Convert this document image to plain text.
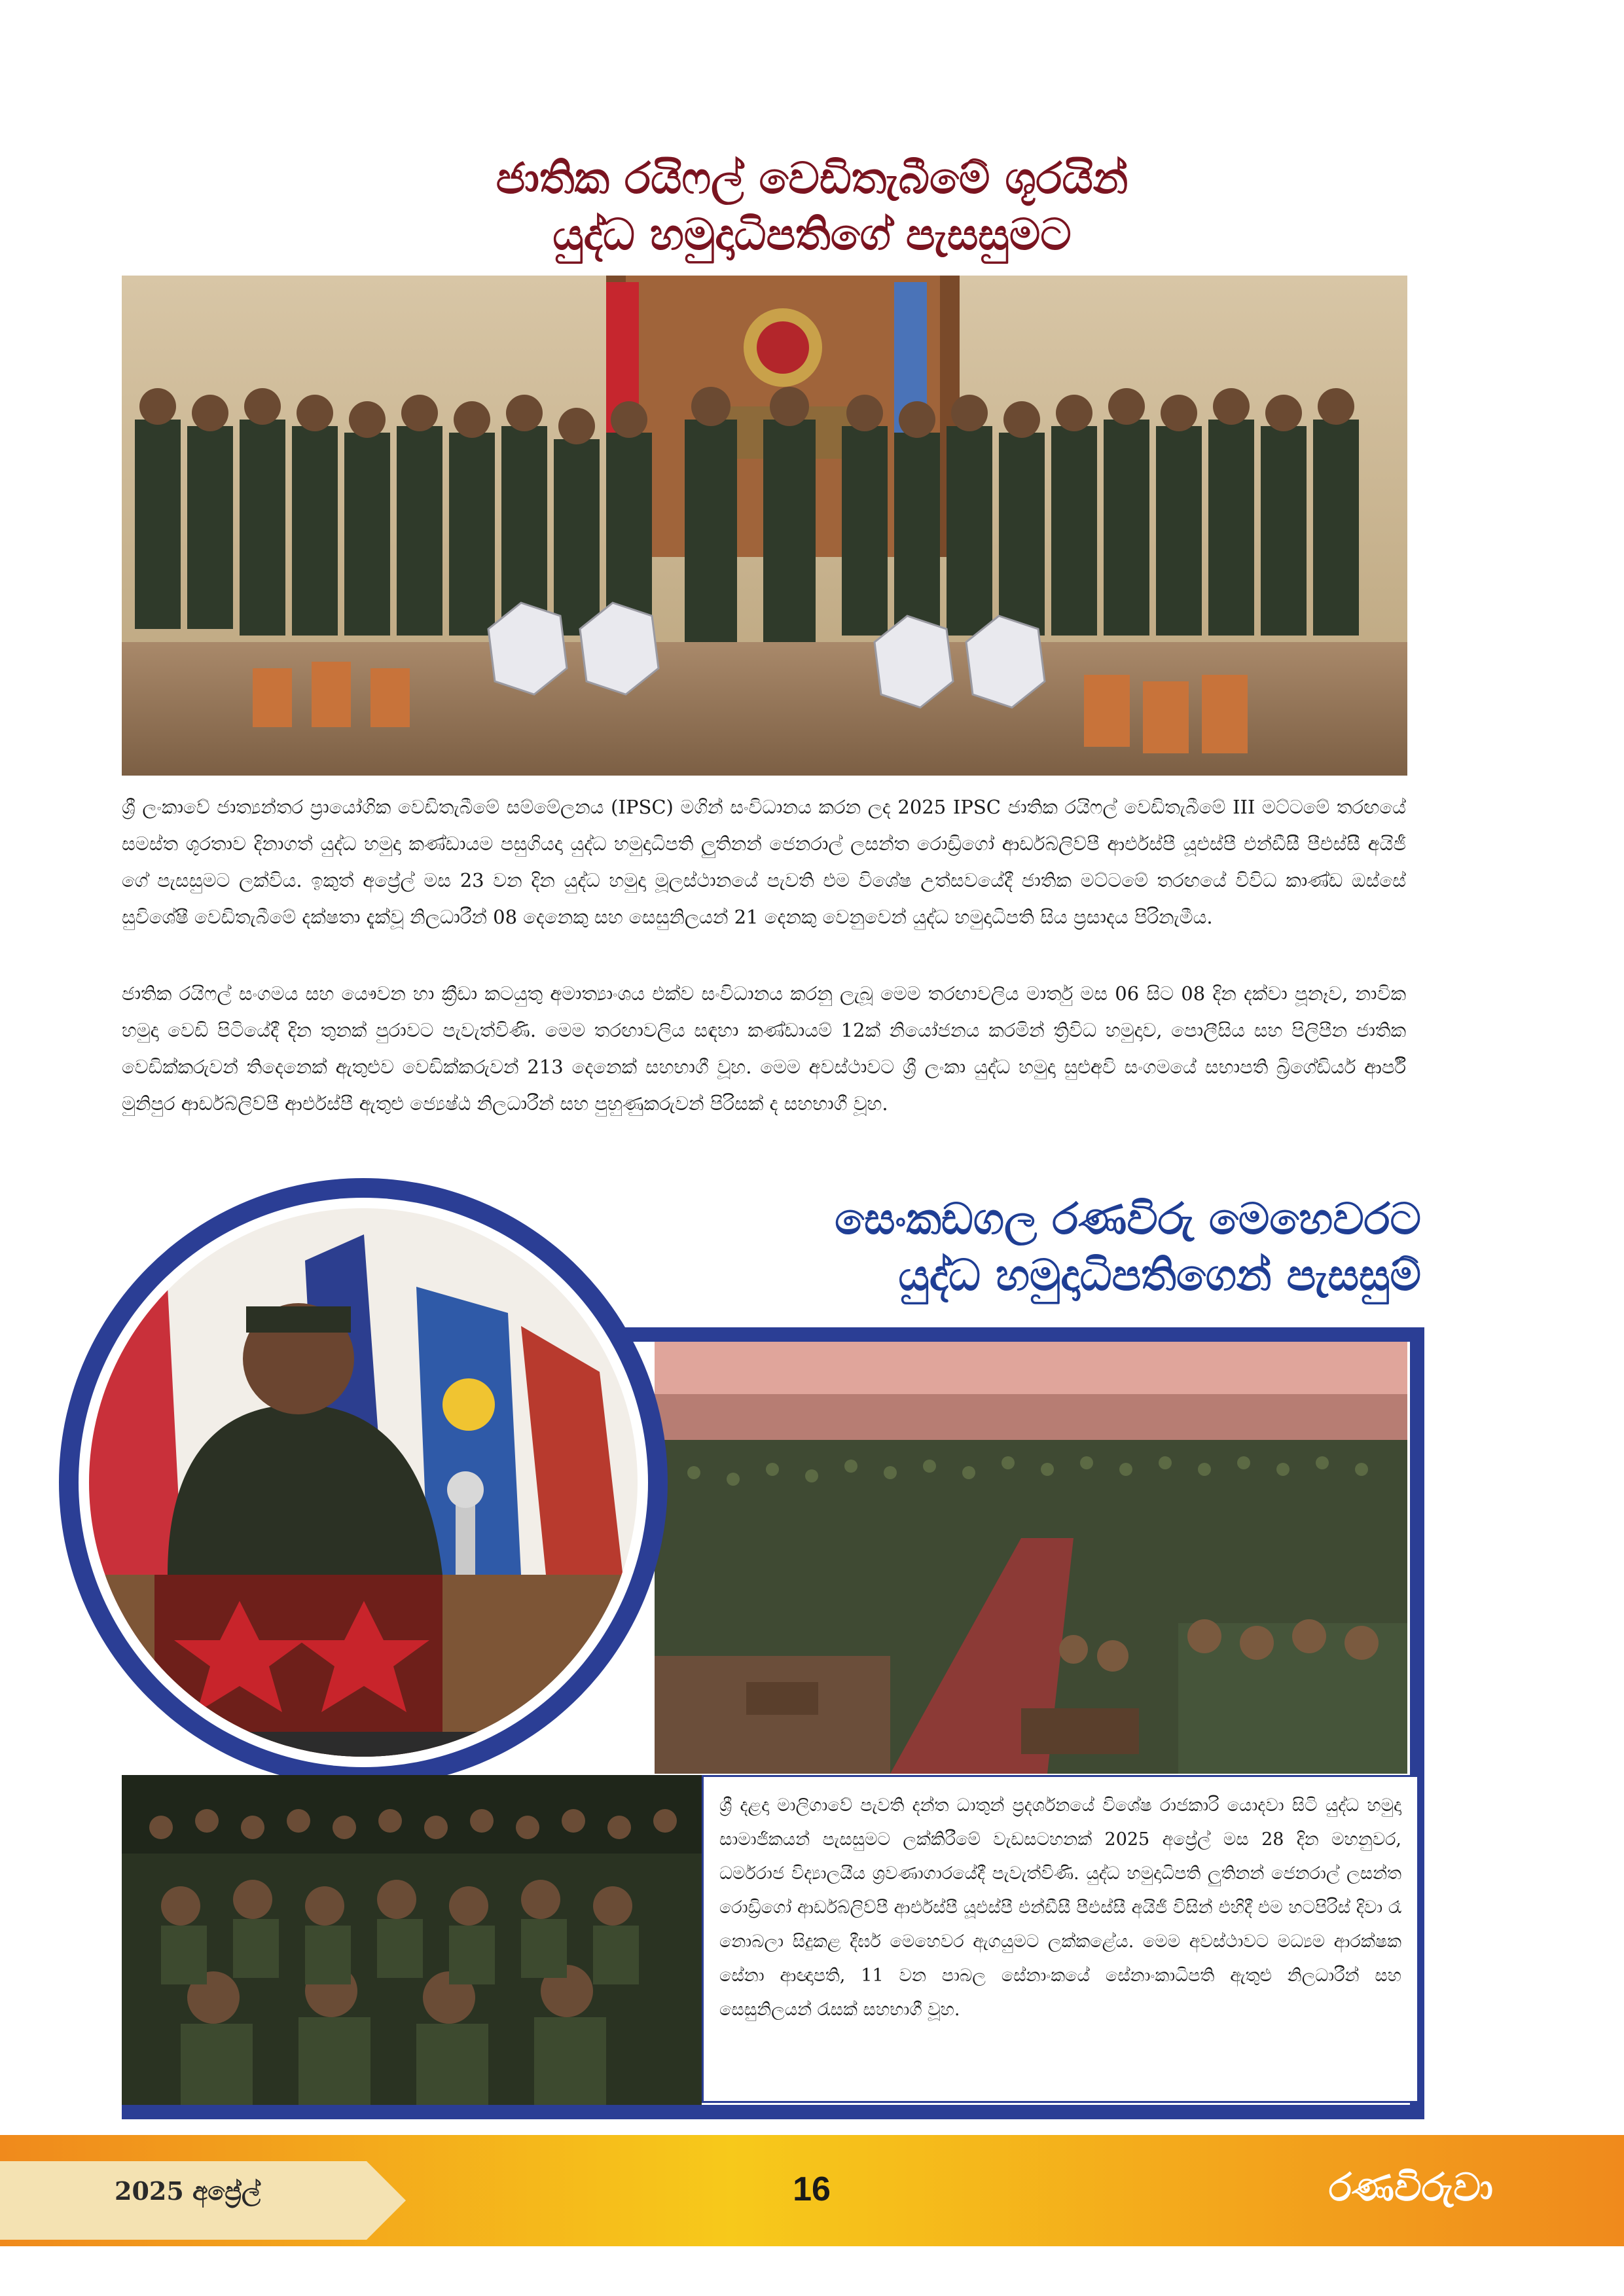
ජාතික රයිෆල් වෙඩිතැබීමේ ශූරයින්
යුද්ධ හමුදාධිපතිගේ පැසසුමට
ශ්‍රී ලංකාවේ ජාත්‍යන්තර ප්‍රායෝගික වෙඩිතැබීමේ සම්මේලනය (IPSC) මගින් සංවිධානය කරන ලද 2025 IPSC ජාතික රයිෆල් වෙඩිතැබීමේ III මට්ටමේ තරඟයේ සමස්ත ශූරතාව දිනාගත් යුද්ධ හමුදා කණ්ඩායම පසුගියදා යුද්ධ හමුදාධිපති ලුතිනන් ජෙනරාල් ලසන්ත රොඩ්‍රිගෝ ආර්ඩබ්ලිව්පී ආර්එස්පී යූඑස්පී එන්ඩීසී පීඑස්සී අයිජී ගේ පැසසුමට ලක්විය. ඉකුත් අප්‍රේල් මස 23 වන දින යුද්ධ හමුදා මූලස්ථානයේ පැවති එම විශේෂ උත්සවයේදී ජාතික මට්ටමේ තරඟයේ විවිධ කාණ්ඩ ඔස්සේ සුවිශේෂී වෙඩිතැබීමේ දක්ෂතා දැක්වූ නිලධාරීන් 08 දෙනෙකු සහ සෙසුනිලයන් 21 දෙනකු වෙනුවෙන් යුද්ධ හමුදාධිපති සිය ප්‍රසාදය පිරිනැමීය.
ජාතික රයිෆල් සංගමය සහ යෞවන හා ක්‍රීඩා කටයුතු අමාත්‍යාංශය එක්ව සංවිධානය කරනු ලැබූ මෙම තරඟාවලිය මාර්තු මස 06 සිට 08 දින දක්වා පූනෑව, නාවික හමුදා වෙඩි පිටියේදී දින තුනක් පුරාවට පැවැත්විණි. මෙම තරඟාවලිය සඳහා කණ්ඩායම් 12ක් නියෝජනය කරමින් ත්‍රිවිධ හමුදාව, පොලීසිය සහ පිලිපීන ජාතික වෙඩික්කරුවන් තිදෙනෙක් ඇතුළුව වෙඩික්කරුවන් 213 දෙනෙක් සහභාගී වූහ. මෙම අවස්ථාවට ශ්‍රී ලංකා යුද්ධ හමුදා සුළුඅවි සංගමයේ සභාපති බ්‍රිගේඩියර් ආර්පී මුනිපුර ආර්ඩබ්ලිව්පී ආර්එස්පී ඇතුළු ජ්‍යෙෂ්ඨ නිලධාරීන් සහ පුහුණුකරුවන් පිරිසක් ද සහභාගී වූහ.
සෙංකඩගල රණවිරු මෙහෙවරට
යුද්ධ හමුදාධිපතිගෙන් පැසසුම්

ශ්‍රී දළදා මාලිගාවේ පැවති දන්ත ධාතුන් ප්‍රදර්ශනයේ විශේෂ රාජකාරි යොදවා සිටි යුද්ධ හමුදා සාමාජිකයන් පැසසුමට ලක්කිරීමේ වැඩසටහනක් 2025 අප්‍රේල් මස 28 දින මහනුවර, ධර්මරාජ විද්‍යාලයීය ශ්‍රවණාගාරයේදී පැවැත්විණි. යුද්ධ හමුදාධිපති ලුතිනන් ජෙනරාල් ලසන්ත රොඩ්‍රිගෝ ආර්ඩබ්ලිව්පී ආර්එස්පී යූඑස්පී එන්ඩීසී පීඑස්සී අයිජී විසින් එහිදී එම හටපිරිස් දිවා රෑ නොබලා සිදුකළ දීර්ඝ මෙහෙවර ඇගයුමට ලක්කළේය. මෙම අවස්ථාවට මධ්‍යම ආරක්ෂක සේනා ආඥාපති, 11 වන පාබල සේනාංකයේ සේනාංකාධිපති ඇතුළු නිලධාරීන් සහ සෙසුනිලයන් රැසක් සහභාගී වූහ.

2025 අප්‍රේල්	16	රණවිරුවා
